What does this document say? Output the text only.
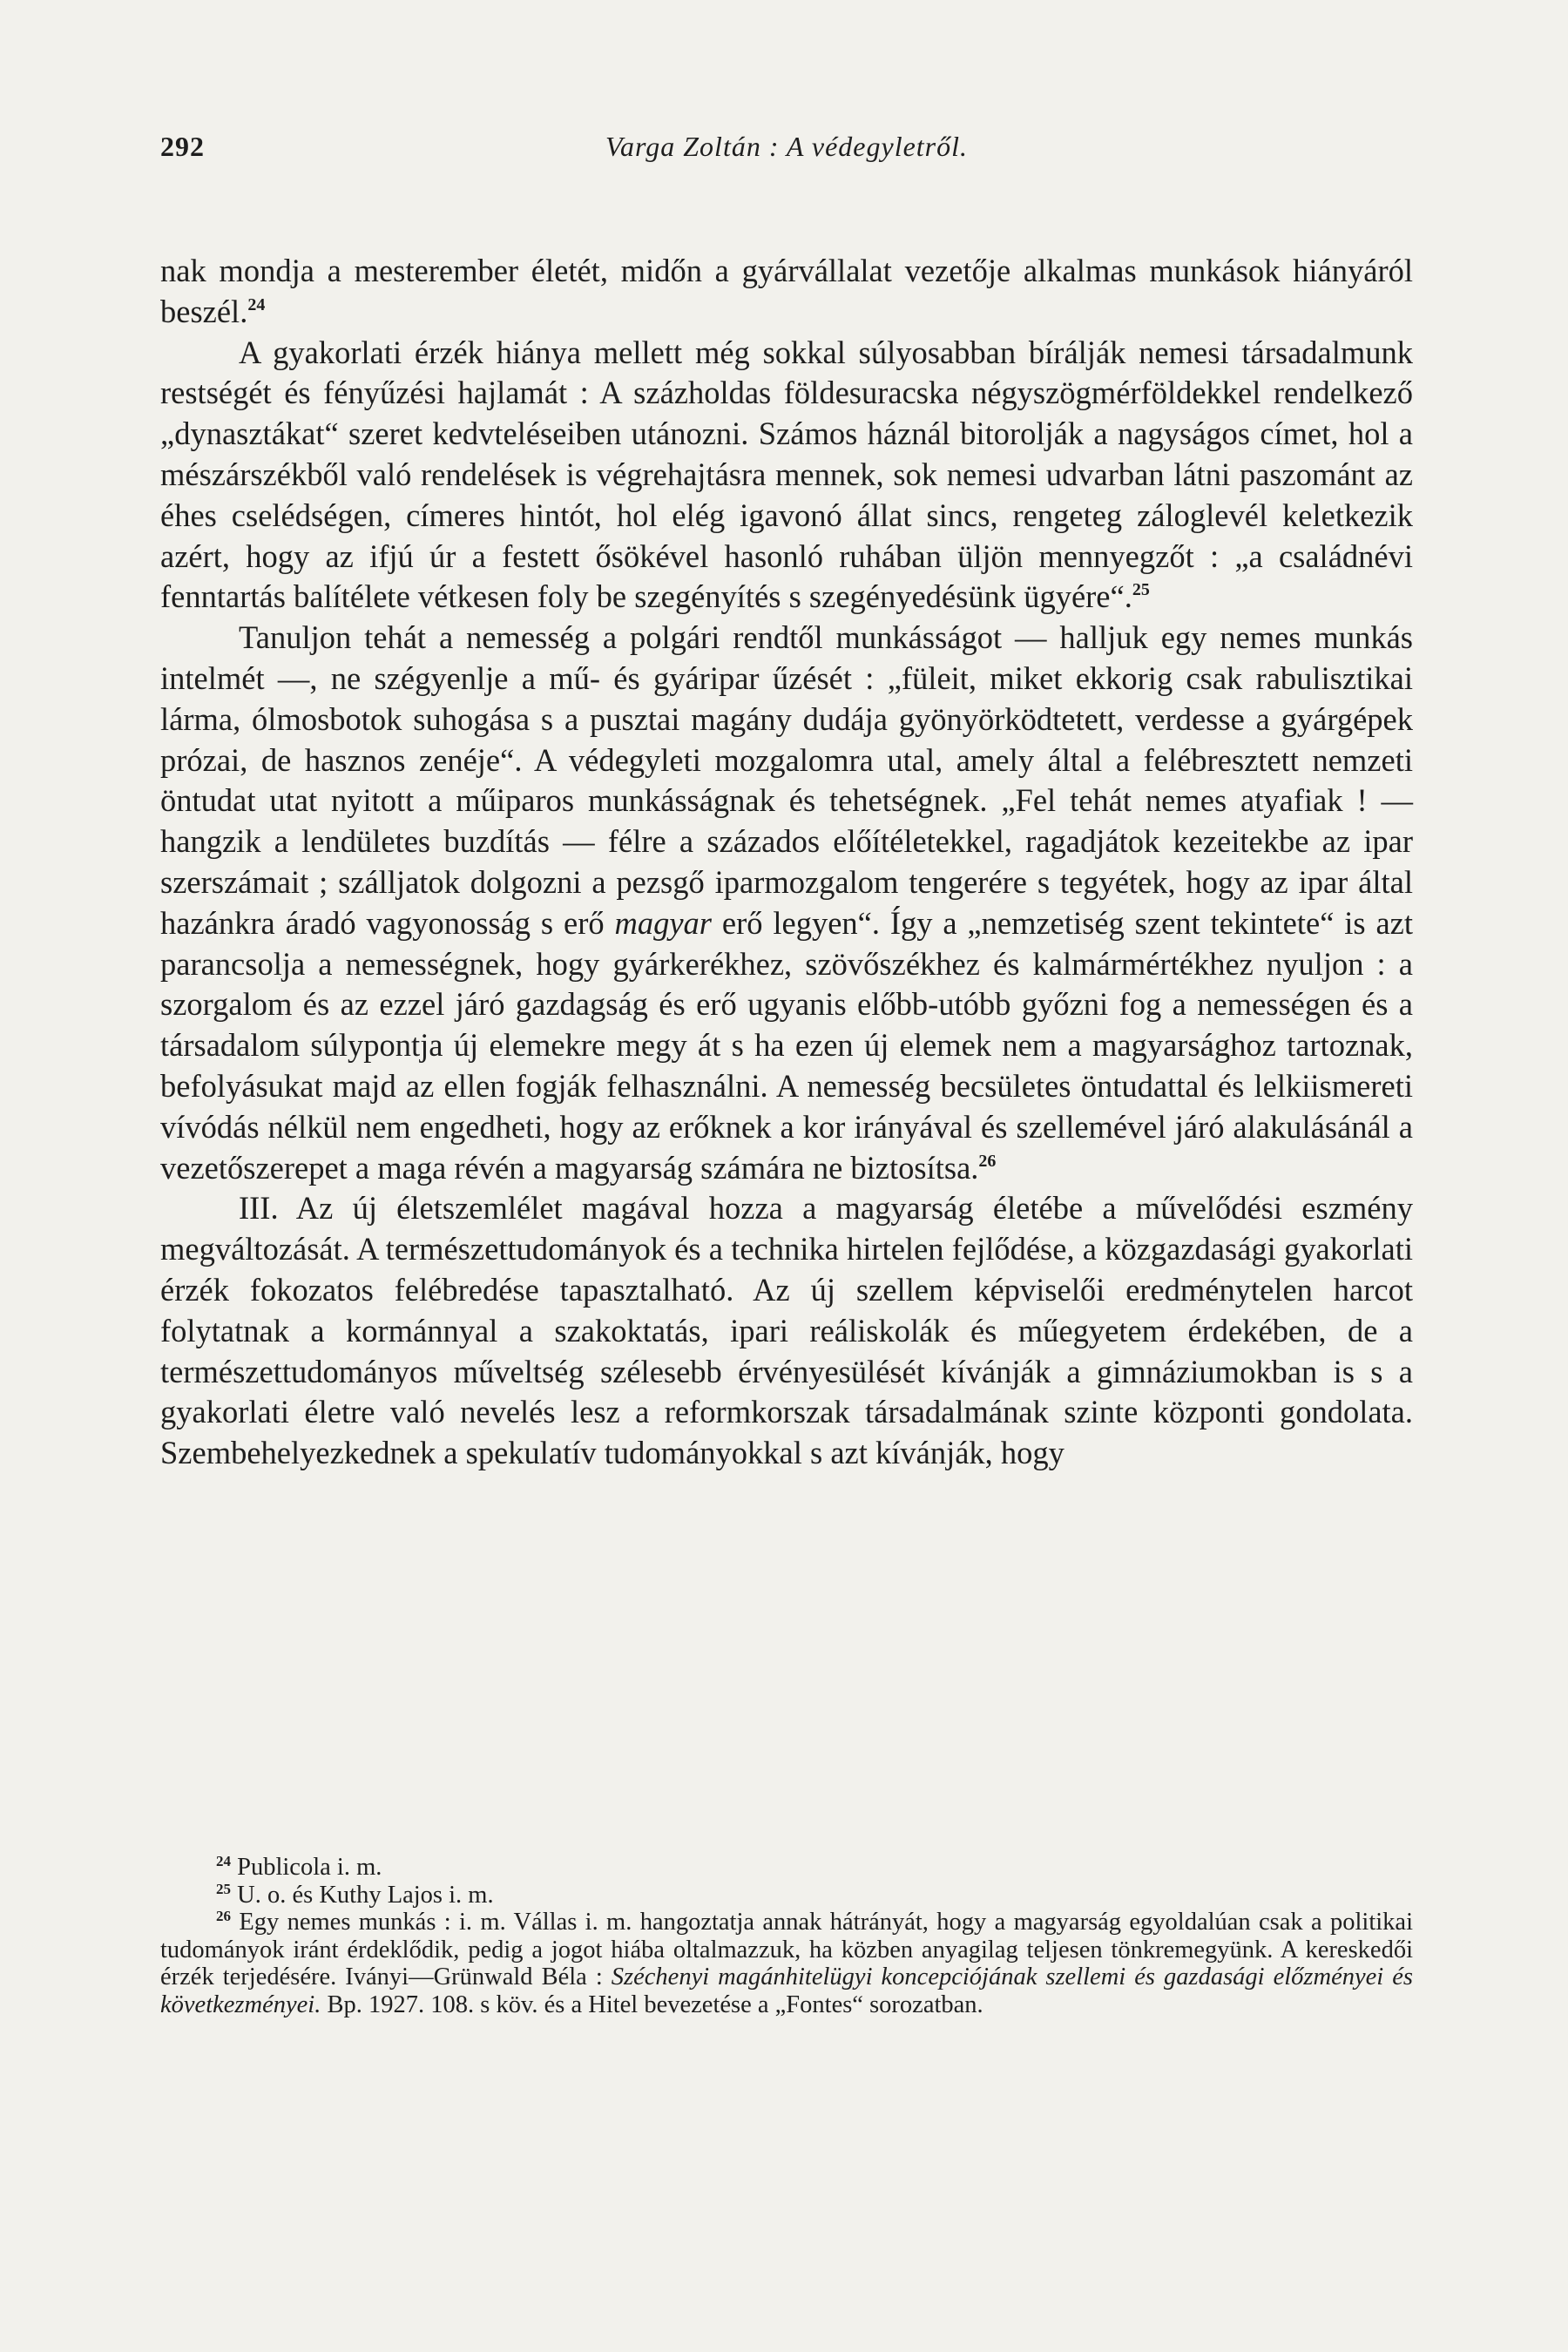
292	Varga Zoltán : A védegyletről.

nak mondja a mesterember életét, midőn a gyárvállalat vezetője alkalmas munkások hiányáról beszél.$^{24}$

A gyakorlati érzék hiánya mellett még sokkal súlyosabban bírálják nemesi társadalmunk restségét és fényűzési hajlamát : A százholdas földesuracska négyszögmérföldekkel rendelkező „dynasztákat“ szeret kedvteléseiben utánozni. Számos háznál bitorolják a nagyságos címet, hol a mészárszékből való rendelések is végrehajtásra mennek, sok nemesi udvarban látni paszománt az éhes cselédségen, címeres hintót, hol elég igavonó állat sincs, rengeteg záloglevél keletkezik azért, hogy az ifjú úr a festett ősökével hasonló ruhában üljön mennyegzőt : „a családnévi fenntartás balítélete vétkesen foly be szegényítés s szegényedésünk ügyére“.$^{25}$

Tanuljon tehát a nemesség a polgári rendtől munkásságot — halljuk egy nemes munkás intelmét —, ne szégyenlje a mű- és gyáripar űzését : „füleit, miket ekkorig csak rabulisztikai lárma, ólmosbotok suhogása s a pusztai magány dudája gyönyörködtetett, verdesse a gyárgépek prózai, de hasznos zenéje“. A védegyleti mozgalomra utal, amely által a felébresztett nemzeti öntudat utat nyitott a műiparos munkásságnak és tehetségnek. „Fel tehát nemes atyafiak ! — hangzik a lendületes buzdítás — félre a százados előítéletekkel, ragadjátok kezeitekbe az ipar szerszámait ; szálljatok dolgozni a pezsgő iparmozgalom tengerére s tegyétek, hogy az ipar által hazánkra áradó vagyonosság s erő magyar erő legyen“. Így a „nemzetiség szent tekintete“ is azt parancsolja a nemességnek, hogy gyárkerékhez, szövőszékhez és kalmármértékhez nyuljon : a szorgalom és az ezzel járó gazdagság és erő ugyanis előbb-utóbb győzni fog a nemességen és a társadalom súlypontja új elemekre megy át s ha ezen új elemek nem a magyarsághoz tartoznak, befolyásukat majd az ellen fogják felhasználni. A nemesség becsületes öntudattal és lelkiismereti vívódás nélkül nem engedheti, hogy az erőknek a kor irányával és szellemével járó alakulásánál a vezetőszerepet a maga révén a magyarság számára ne biztosítsa.$^{26}$

III. Az új életszemlélet magával hozza a magyarság életébe a művelődési eszmény megváltozását. A természettudományok és a technika hirtelen fejlődése, a közgazdasági gyakorlati érzék fokozatos felébredése tapasztalható. Az új szellem képviselői eredménytelen harcot folytatnak a kormánnyal a szakoktatás, ipari reáliskolák és műegyetem érdekében, de a természettudományos műveltség szélesebb érvényesülését kívánják a gimnáziumokban is s a gyakorlati életre való nevelés lesz a reformkorszak társadalmának szinte központi gondolata. Szembehelyezkednek a spekulatív tudományokkal s azt kívánják, hogy

$^{24}$ Publicola i. m.

$^{25}$ U. o. és Kuthy Lajos i. m.

$^{26}$ Egy nemes munkás : i. m. Vállas i. m. hangoztatja annak hátrányát, hogy a magyarság egyoldalúan csak a politikai tudományok iránt érdeklődik, pedig a jogot hiába oltalmazzuk, ha közben anyagilag teljesen tönkremegyünk. A kereskedői érzék terjedésére. Iványi—Grünwald Béla : Széchenyi magánhitelügyi koncepciójának szellemi és gazdasági előzményei és következményei. Bp. 1927. 108. s köv. és a Hitel bevezetése a „Fontes“ sorozatban.
